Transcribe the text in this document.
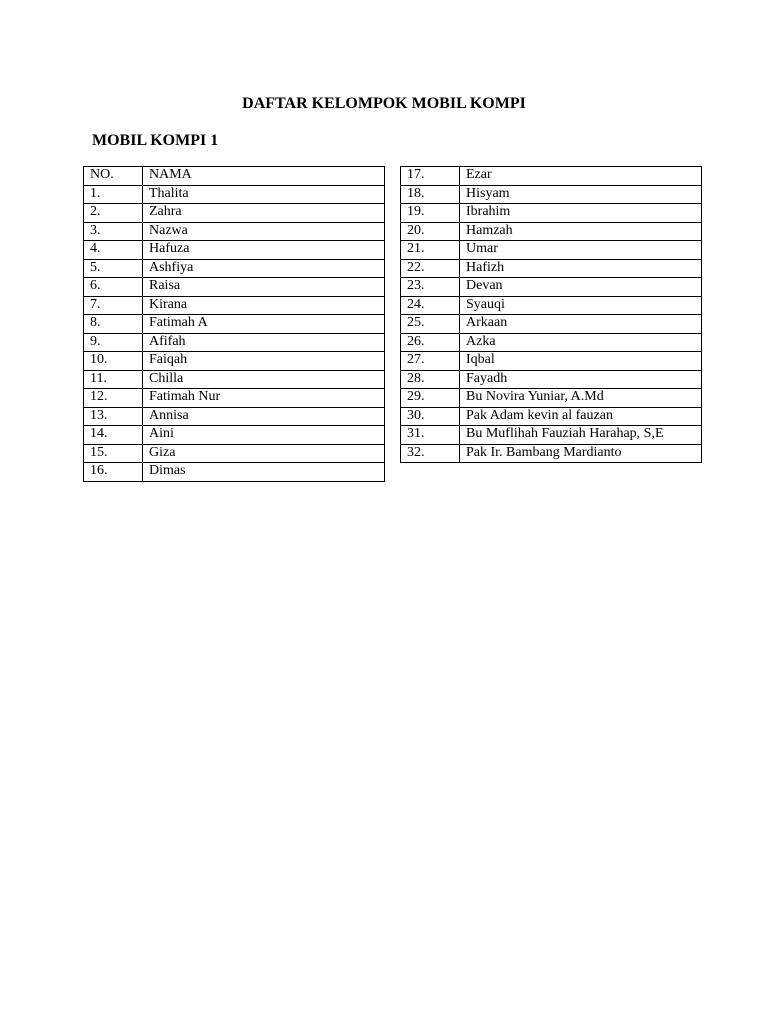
DAFTAR KELOMPOK MOBIL KOMPI
MOBIL KOMPI 1
NO.	NAMA
1.	Thalita
2.	Zahra
3.	Nazwa
4.	Hafuza
5.	Ashfiya
6.	Raisa
7.	Kirana
8.	Fatimah A
9.	Afifah
10.	Faiqah
11.	Chilla
12.	Fatimah Nur
13.	Annisa
14.	Aini
15.	Giza
16.	Dimas
17.	Ezar
18.	Hisyam
19.	Ibrahim
20.	Hamzah
21.	Umar
22.	Hafizh
23.	Devan
24.	Syauqi
25.	Arkaan
26.	Azka
27.	Iqbal
28.	Fayadh
29.	Bu Novira Yuniar, A.Md
30.	Pak Adam kevin al fauzan
31.	Bu Muflihah Fauziah Harahap, S,E
32.	Pak Ir. Bambang Mardianto
